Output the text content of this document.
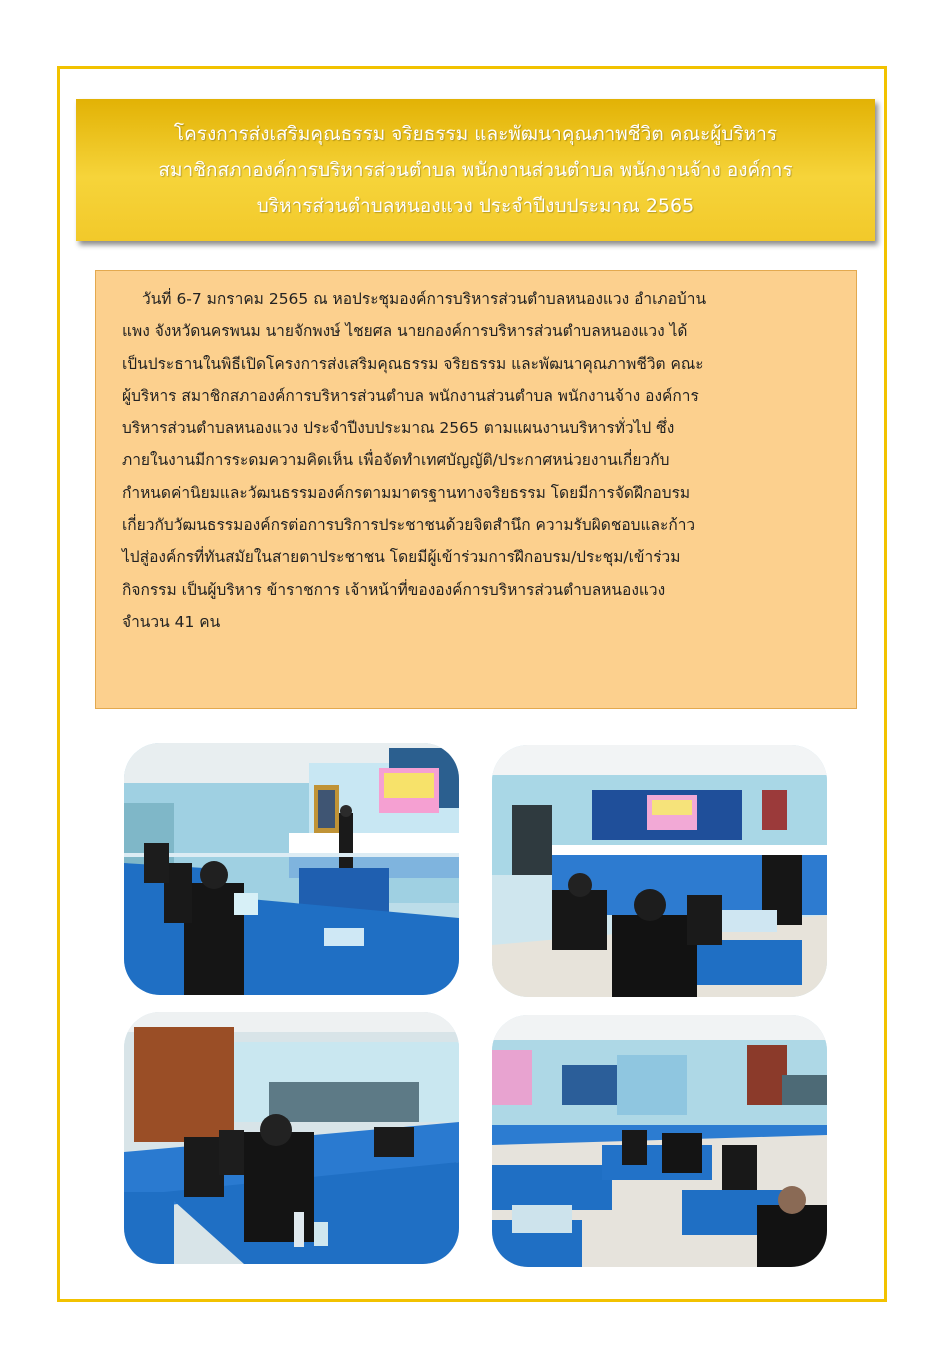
โครงการส่งเสริมคุณธรรม จริยธรรม และพัฒนาคุณภาพชีวิต คณะผู้บริหาร
สมาชิกสภาองค์การบริหารส่วนตำบล พนักงานส่วนตำบล พนักงานจ้าง องค์การ
บริหารส่วนตำบลหนองแวง ประจำปีงบประมาณ 2565

วันที่ 6-7 มกราคม 2565 ณ หอประชุมองค์การบริหารส่วนตำบลหนองแวง อำเภอบ้าน

แพง จังหวัดนครพนม นายจักพงษ์ ไชยศล นายกองค์การบริหารส่วนตำบลหนองแวง ได้

เป็นประธานในพิธีเปิดโครงการส่งเสริมคุณธรรม จริยธรรม และพัฒนาคุณภาพชีวิต คณะ

ผู้บริหาร สมาชิกสภาองค์การบริหารส่วนตำบล พนักงานส่วนตำบล พนักงานจ้าง องค์การ

บริหารส่วนตำบลหนองแวง ประจำปีงบประมาณ 2565 ตามแผนงานบริหารทั่วไป ซึ่ง

ภายในงานมีการระดมความคิดเห็น เพื่อจัดทำเทศบัญญัติ/ประกาศหน่วยงานเกี่ยวกับ

กำหนดค่านิยมและวัฒนธรรมองค์กรตามมาตรฐานทางจริยธรรม โดยมีการจัดฝึกอบรม

เกี่ยวกับวัฒนธรรมองค์กรต่อการบริการประชาชนด้วยจิตสำนึก ความรับผิดชอบและก้าว

ไปสู่องค์กรที่ทันสมัยในสายตาประชาชน โดยมีผู้เข้าร่วมการฝึกอบรม/ประชุม/เข้าร่วม

กิจกรรม เป็นผู้บริหาร ข้าราชการ เจ้าหน้าที่ขององค์การบริหารส่วนตำบลหนองแวง

จำนวน 41 คน
